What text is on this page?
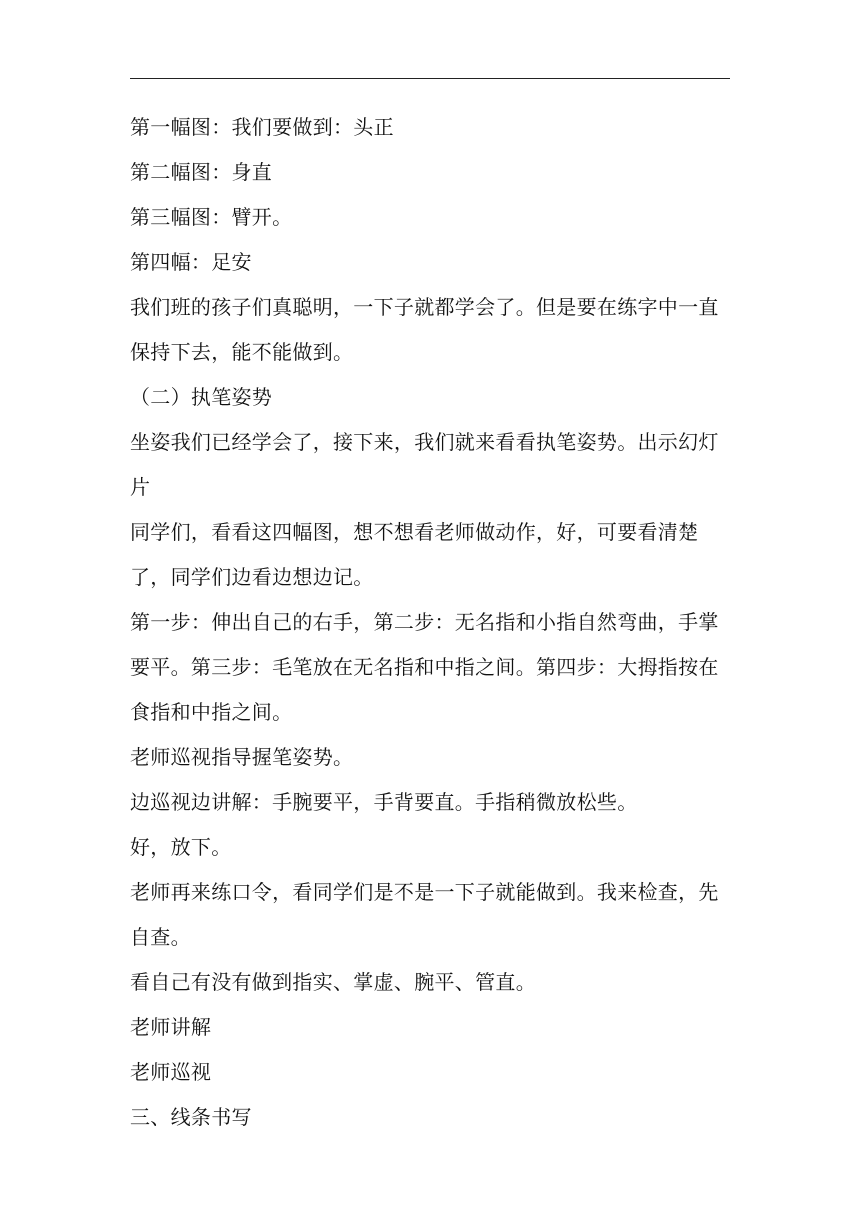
第一幅图：我们要做到：头正

第二幅图：身直

第三幅图：臂开。

第四幅：足安

我们班的孩子们真聪明，一下子就都学会了。但是要在练字中一直保持下去，能不能做到。

（二）执笔姿势

坐姿我们已经学会了，接下来，我们就来看看执笔姿势。出示幻灯片

同学们，看看这四幅图，想不想看老师做动作，好，可要看清楚了，同学们边看边想边记。

第一步：伸出自己的右手，第二步：无名指和小指自然弯曲，手掌要平。第三步：毛笔放在无名指和中指之间。第四步：大拇指按在食指和中指之间。

老师巡视指导握笔姿势。

边巡视边讲解：手腕要平，手背要直。手指稍微放松些。

好，放下。

老师再来练口令，看同学们是不是一下子就能做到。我来检查，先自查。

看自己有没有做到指实、掌虚、腕平、管直。

老师讲解

老师巡视

三、线条书写
